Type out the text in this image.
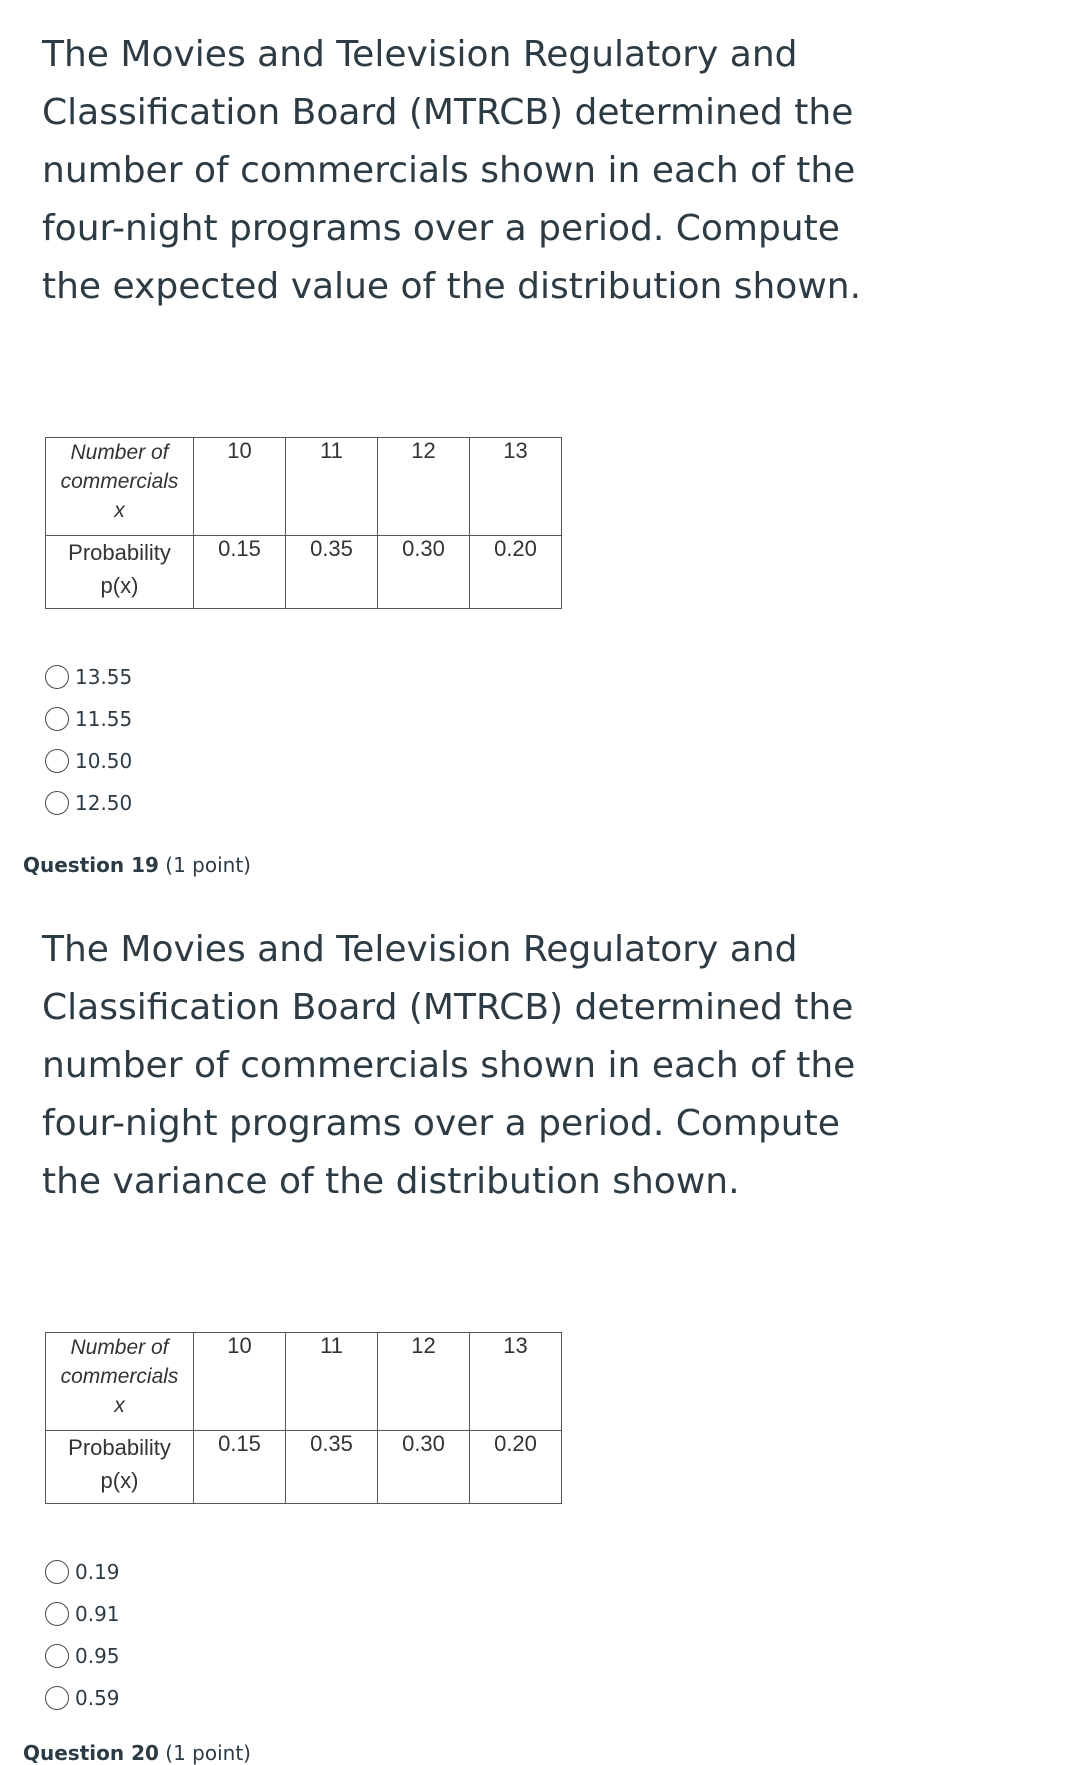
The Movies and Television Regulatory and Classification Board (MTRCB) determined the number of commercials shown in each of the four-night programs over a period. Compute the expected value of the distribution shown.

Number of
commercials
x	10	11	12	13

Probability
p(x)	0.15	0.35	0.30	0.20
13.55
11.55
10.50
12.50
Question 19 (1 point)

The Movies and Television Regulatory and Classification Board (MTRCB) determined the number of commercials shown in each of the four-night programs over a period. Compute the variance of the distribution shown.

Number of
commercials
x	10	11	12	13

Probability
p(x)	0.15	0.35	0.30	0.20
0.19
0.91
0.95
0.59
Question 20 (1 point)
